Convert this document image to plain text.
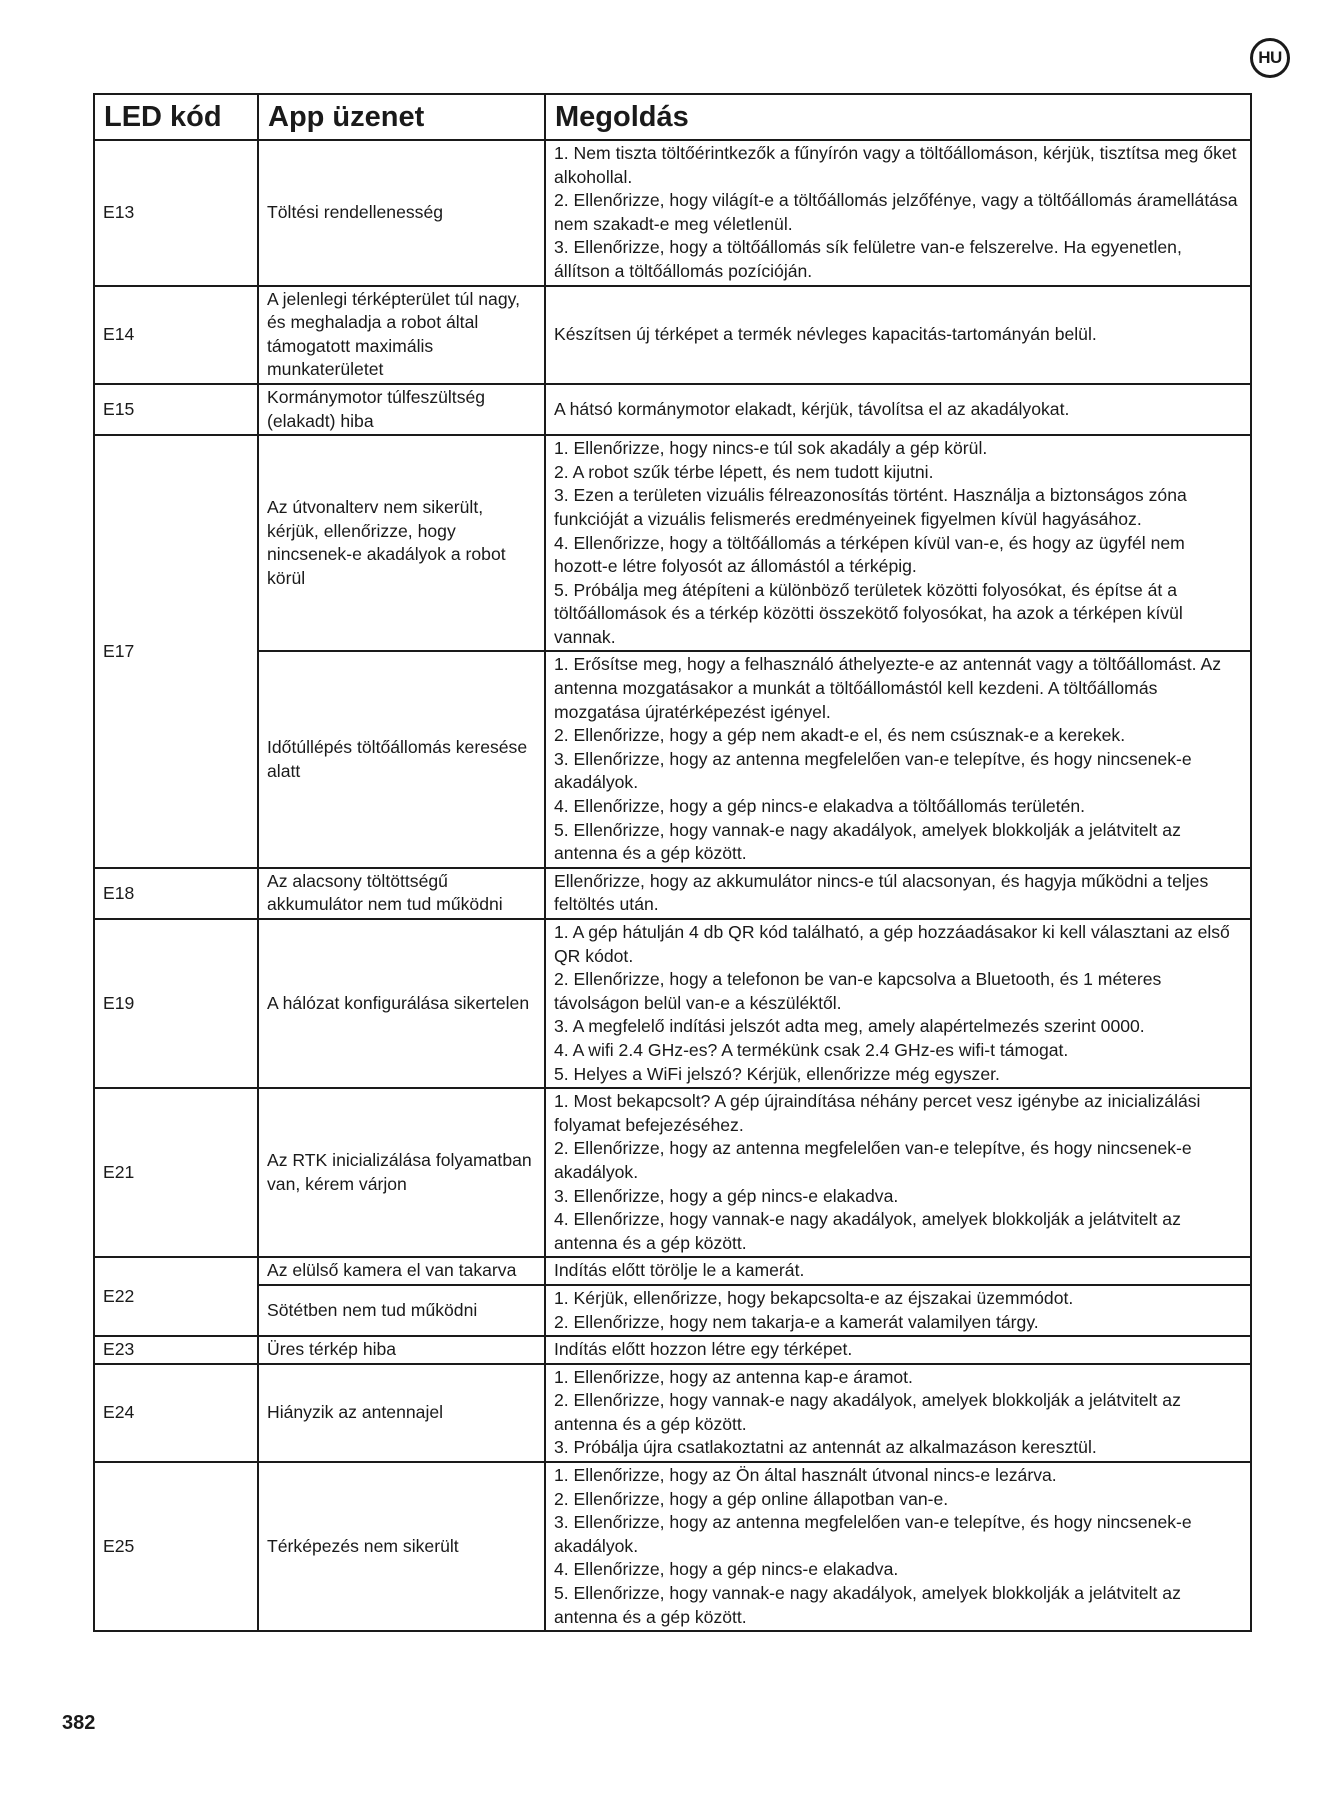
HU
LED kód	App üzenet	Megoldás
E13	Töltési rendellenesség	1. Nem tiszta töltőérintkezők a fűnyírón vagy a töltőállomáson, kérjük, tisztítsa meg őket alkohollal.
2. Ellenőrizze, hogy világít-e a töltőállomás jelzőfénye, vagy a töltőállomás áramellátása nem szakadt-e meg véletlenül.
3. Ellenőrizze, hogy a töltőállomás sík felületre van-e felszerelve. Ha egyenetlen, állítson a töltőállomás pozícióján.

E14	A jelenlegi térképterület túl nagy, és meghaladja a robot által támogatott maximális munkaterületet	Készítsen új térképet a termék névleges kapacitás-tartományán belül.

E15	Kormánymotor túlfeszültség (elakadt) hiba	A hátsó kormánymotor elakadt, kérjük, távolítsa el az akadályokat.

E17	Az útvonalterv nem sikerült, kérjük, ellenőrizze, hogy nincsenek-e akadályok a robot körül	1. Ellenőrizze, hogy nincs-e túl sok akadály a gép körül.
2. A robot szűk térbe lépett, és nem tudott kijutni.
3. Ezen a területen vizuális félreazonosítás történt. Használja a biztonságos zóna funkcióját a vizuális felismerés eredményeinek figyelmen kívül hagyásához.
4. Ellenőrizze, hogy a töltőállomás a térképen kívül van-e, és hogy az ügyfél nem hozott-e létre folyosót az állomástól a térképig.
5. Próbálja meg átépíteni a különböző területek közötti folyosókat, és építse át a töltőállomások és a térkép közötti összekötő folyosókat, ha azok a térképen kívül vannak.

	Időtúllépés töltőállomás keresése alatt	1. Erősítse meg, hogy a felhasználó áthelyezte-e az antennát vagy a töltőállomást. Az antenna mozgatásakor a munkát a töltőállomástól kell kezdeni. A töltőállomás mozgatása újratérképezést igényel.
2. Ellenőrizze, hogy a gép nem akadt-e el, és nem csúsznak-e a kerekek.
3. Ellenőrizze, hogy az antenna megfelelően van-e telepítve, és hogy nincsenek-e akadályok.
4. Ellenőrizze, hogy a gép nincs-e elakadva a töltőállomás területén.
5. Ellenőrizze, hogy vannak-e nagy akadályok, amelyek blokkolják a jelátvitelt az antenna és a gép között.

E18	Az alacsony töltöttségű akkumulátor nem tud működni	Ellenőrizze, hogy az akkumulátor nincs-e túl alacsonyan, és hagyja működni a teljes feltöltés után.

E19	A hálózat konfigurálása sikertelen	1. A gép hátulján 4 db QR kód található, a gép hozzáadásakor ki kell választani az első QR kódot.
2. Ellenőrizze, hogy a telefonon be van-e kapcsolva a Bluetooth, és 1 méteres távolságon belül van-e a készüléktől.
3. A megfelelő indítási jelszót adta meg, amely alapértelmezés szerint 0000.
4. A wifi 2.4 GHz-es? A termékünk csak 2.4 GHz-es wifi-t támogat.
5. Helyes a WiFi jelszó? Kérjük, ellenőrizze még egyszer.

E21	Az RTK inicializálása folyamatban van, kérem várjon	1. Most bekapcsolt? A gép újraindítása néhány percet vesz igénybe az inicializálási folyamat befejezéséhez.
2. Ellenőrizze, hogy az antenna megfelelően van-e telepítve, és hogy nincsenek-e akadályok.
3. Ellenőrizze, hogy a gép nincs-e elakadva.
4. Ellenőrizze, hogy vannak-e nagy akadályok, amelyek blokkolják a jelátvitelt az antenna és a gép között.

E22	Az elülső kamera el van takarva	Indítás előtt törölje le a kamerát.

	Sötétben nem tud működni	1. Kérjük, ellenőrizze, hogy bekapcsolta-e az éjszakai üzemmódot.
2. Ellenőrizze, hogy nem takarja-e a kamerát valamilyen tárgy.

E23	Üres térkép hiba	Indítás előtt hozzon létre egy térképet.

E24	Hiányzik az antennajel	1. Ellenőrizze, hogy az antenna kap-e áramot.
2. Ellenőrizze, hogy vannak-e nagy akadályok, amelyek blokkolják a jelátvitelt az antenna és a gép között.
3. Próbálja újra csatlakoztatni az antennát az alkalmazáson keresztül.

E25	Térképezés nem sikerült	1. Ellenőrizze, hogy az Ön által használt útvonal nincs-e lezárva.
2. Ellenőrizze, hogy a gép online állapotban van-e.
3. Ellenőrizze, hogy az antenna megfelelően van-e telepítve, és hogy nincsenek-e akadályok.
4. Ellenőrizze, hogy a gép nincs-e elakadva.
5. Ellenőrizze, hogy vannak-e nagy akadályok, amelyek blokkolják a jelátvitelt az antenna és a gép között.
382
